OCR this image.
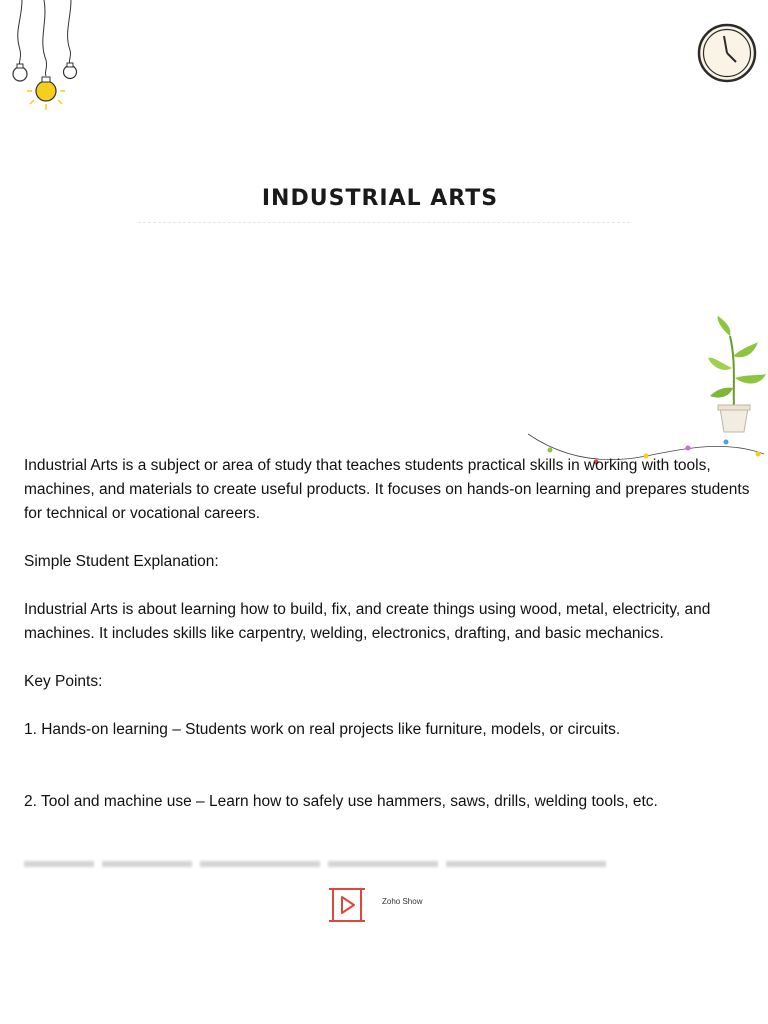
INDUSTRIAL ARTS

Industrial Arts is a subject or area of study that teaches students practical skills in working with tools, machines, and materials to create useful products. It focuses on hands-on learning and prepares students for technical or vocational careers.

Simple Student Explanation:

Industrial Arts is about learning how to build, fix, and create things using wood, metal, electricity, and machines. It includes skills like carpentry, welding, electronics, drafting, and basic mechanics.

Key Points:

1. Hands-on learning – Students work on real projects like furniture, models, or circuits.

2. Tool and machine use – Learn how to safely use hammers, saws, drills, welding tools, etc.

Zoho Show
